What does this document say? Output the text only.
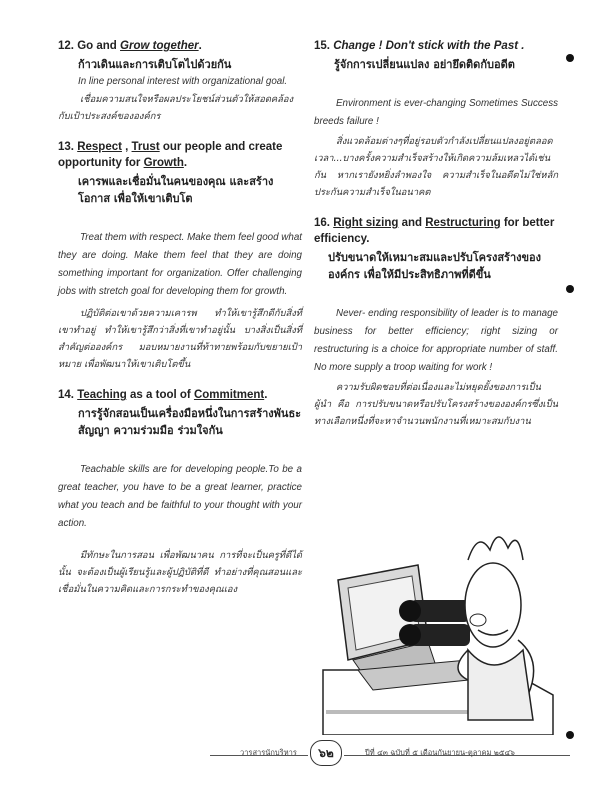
12. Go and Grow together.

ก้าวเดินและการเติบโตไปด้วยกัน

In line personal interest with organizational goal.

เชื่อมความสนใจหรือผลประโยชน์ส่วนตัวให้สอดคล้องกับเป้าประสงค์ขององค์กร

13. Respect , Trust our people and create opportunity for Growth.

เคารพและเชื่อมั่นในคนของคุณ และสร้างโอกาส เพื่อให้เขาเติบโต

Treat them with respect. Make them feel good what they are doing. Make them feel that they are doing something important for organization. Offer challenging jobs with stretch goal for developing them for growth.

ปฏิบัติต่อเขาด้วยความเคารพ ทำให้เขารู้สึกดีกับสิ่งที่เขาทำอยู่ ทำให้เขารู้สึกว่าสิ่งที่เขาทำอยู่นั้น บางสิ่งเป็นสิ่งที่สำคัญต่อองค์กร มอบหมายงานที่ท้าทายพร้อมกับขยายเป้าหมาย เพื่อพัฒนาให้เขาเติบโตขึ้น

14. Teaching as a tool of Commitment.

การรู้จักสอนเป็นเครื่องมือหนึ่งในการสร้างพันธะสัญญา ความร่วมมือ ร่วมใจกัน

Teachable skills are for developing people.To be a great teacher, you have to be a great learner, practice what you teach and be faithful to your thought with your action.

มีทักษะในการสอน เพื่อพัฒนาคน การที่จะเป็นครูที่ดีได้นั้น จะต้องเป็นผู้เรียนรู้และผู้ปฏิบัติที่ดี ทำอย่างที่คุณสอนและเชื่อมั่นในความคิดและการกระทำของคุณเอง

15. Change ! Don't stick with the Past .

รู้จักการเปลี่ยนแปลง อย่ายึดติดกับอดีต

Environment is ever-changing Sometimes Success breeds failure !

สิ่งแวดล้อมต่างๆที่อยู่รอบตัวกำลังเปลี่ยนแปลงอยู่ตลอดเวลา...บางครั้งความสำเร็จสร้างให้เกิดความล้มเหลวได้เช่นกัน หากเรายังหยิ่งลำพองใจ ความสำเร็จในอดีตไม่ใช่หลักประกันความสำเร็จในอนาคต

16. Right sizing and Restructuring for better efficiency.

ปรับขนาดให้เหมาะสมและปรับโครงสร้างขององค์กร เพื่อให้มีประสิทธิภาพที่ดีขึ้น

Never- ending responsibility of leader is to manage business for better efficiency; right sizing or restructuring is a choice for appropriate number of staff. No more supply a troop waiting for work !

ความรับผิดชอบที่ต่อเนื่องและไม่หยุดยั้งของการเป็นผู้นำ คือ การปรับขนาดหรือปรับโครงสร้างขององค์กรซึ่งเป็นทางเลือกหนึ่งที่จะหาจำนวนพนักงานที่เหมาะสมกับงาน

วารสารนักบริหาร	๖๒	ปีที่ ๔๓ ฉบับที่ ๕ เดือนกันยายน-ตุลาคม ๒๕๔๖
